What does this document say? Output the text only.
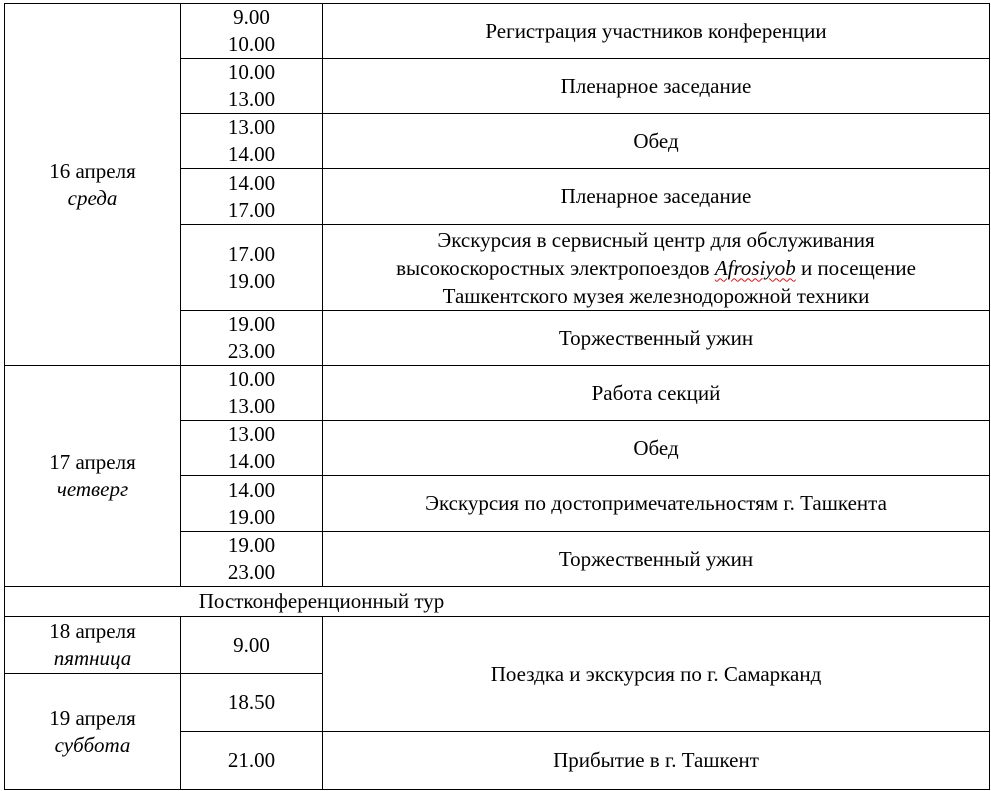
16 апреля
среда
17 апреля
четверг
18 апреля
пятница
19 апреля
суббота
9.00
10.00
Регистрация участников конференции
10.00
13.00
Пленарное заседание
13.00
14.00
Обед
14.00
17.00
Пленарное заседание
17.00
19.00
Экскурсия в сервисный центр для обслуживания
высокоскоростных электропоездов Afrosiyob и посещение
Ташкентского музея железнодорожной техники
19.00
23.00
Торжественный ужин
10.00
13.00
Работа секций
13.00
14.00
Обед
14.00
19.00
Экскурсия по достопримечательностям г. Ташкента
19.00
23.00
Торжественный ужин
Постконференционный тур
9.00
18.50
21.00
Поездка и экскурсия по г. Самарканд
Прибытие в г. Ташкент
